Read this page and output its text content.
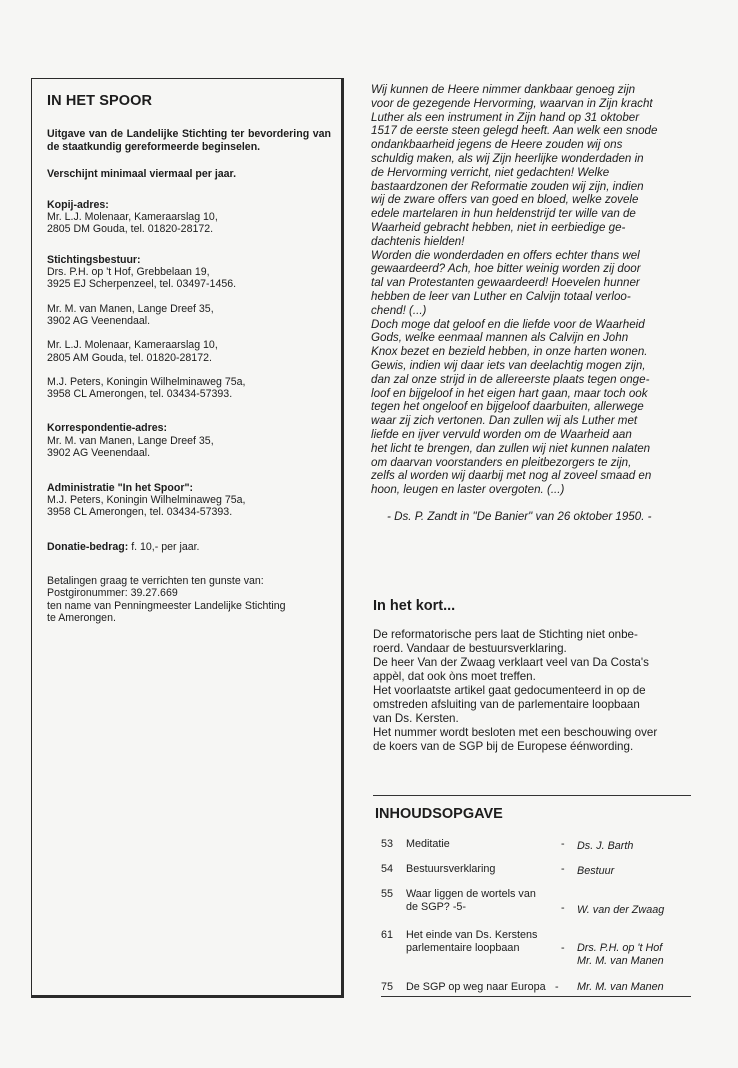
IN HET SPOOR
Uitgave van de Landelijke Stichting ter bevordering van de staatkundig gereformeerde beginselen.
Verschijnt minimaal viermaal per jaar.
Kopij-adres:
Mr. L.J. Molenaar, Kameraarslag 10,
2805 DM Gouda, tel. 01820-28172.
Stichtingsbestuur:
Drs. P.H. op 't Hof, Grebbelaan 19,
3925 EJ Scherpenzeel, tel. 03497-1456.
Mr. M. van Manen, Lange Dreef 35,
3902 AG Veenendaal.
Mr. L.J. Molenaar, Kameraarslag 10,
2805 AM Gouda, tel. 01820-28172.
M.J. Peters, Koningin Wilhelminaweg 75a,
3958 CL Amerongen, tel. 03434-57393.
Korrespondentie-adres:
Mr. M. van Manen, Lange Dreef 35,
3902 AG Veenendaal.
Administratie "In het Spoor":
M.J. Peters, Koningin Wilhelminaweg 75a,
3958 CL Amerongen, tel. 03434-57393.
Donatie-bedrag: f. 10,- per jaar.
Betalingen graag te verrichten ten gunste van:
Postgironummer: 39.27.669
ten name van Penningmeester Landelijke Stichting
te Amerongen.

Wij kunnen de Heere nimmer dankbaar genoeg zijn

voor de gezegende Hervorming, waarvan in Zijn kracht

Luther als een instrument in Zijn hand op 31 oktober

1517 de eerste steen gelegd heeft. Aan welk een snode

ondankbaarheid jegens de Heere zouden wij ons

schuldig maken, als wij Zijn heerlijke wonderdaden in

de Hervorming verricht, niet gedachten! Welke

bastaardzonen der Reformatie zouden wij zijn, indien

wij de zware offers van goed en bloed, welke zovele

edele martelaren in hun heldenstrijd ter wille van de

Waarheid gebracht hebben, niet in eerbiedige ge-

dachtenis hielden!

Worden die wonderdaden en offers echter thans wel

gewaardeerd? Ach, hoe bitter weinig worden zij door

tal van Protestanten gewaardeerd! Hoevelen hunner

hebben de leer van Luther en Calvijn totaal verloo-

chend! (...)

Doch moge dat geloof en die liefde voor de Waarheid

Gods, welke eenmaal mannen als Calvijn en John

Knox bezet en bezield hebben, in onze harten wonen.

Gewis, indien wij daar iets van deelachtig mogen zijn,

dan zal onze strijd in de allereerste plaats tegen onge-

loof en bijgeloof in het eigen hart gaan, maar toch ook

tegen het ongeloof en bijgeloof daarbuiten, allerwege

waar zij zich vertonen. Dan zullen wij als Luther met

liefde en ijver vervuld worden om de Waarheid aan

het licht te brengen, dan zullen wij niet kunnen nalaten

om daarvan voorstanders en pleitbezorgers te zijn,

zelfs al worden wij daarbij met nog al zoveel smaad en

hoon, leugen en laster overgoten. (...)

- Ds. P. Zandt in "De Banier" van 26 oktober 1950. -

In het kort...

De reformatorische pers laat de Stichting niet onbe-

roerd. Vandaar de bestuursverklaring.

De heer Van der Zwaag verklaart veel van Da Costa's

appèl, dat ook òns moet treffen.

Het voorlaatste artikel gaat gedocumenteerd in op de

omstreden afsluiting van de parlementaire loopbaan

van Ds. Kersten.

Het nummer wordt besloten met een beschouwing over

de koers van de SGP bij de Europese éénwording.

INHOUDSOPGAVE
53 Meditatie	- Ds. J. Barth
54 Bestuursverklaring	- Bestuur
55 Waar liggen de wortels van
de SGP? -5-	- W. van der Zwaag
61 Het einde van Ds. Kerstens
parlementaire loopbaan	- Drs. P.H. op 't Hof
Mr. M. van Manen
75 De SGP op weg naar Europa - Mr. M. van Manen
